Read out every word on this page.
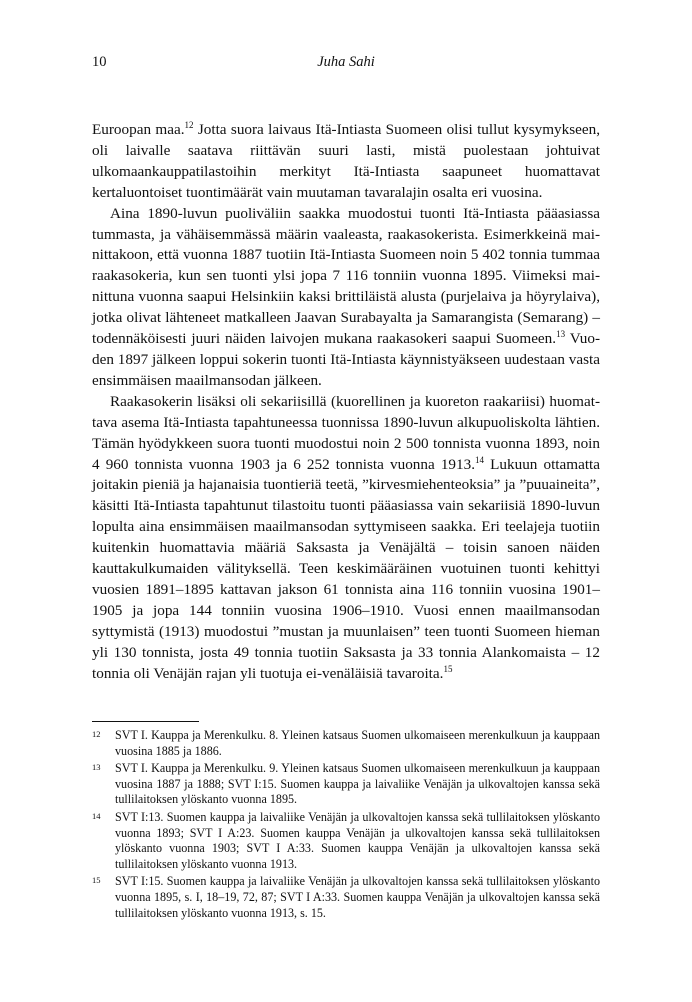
10	Juha Sahi

Euroopan maa.$^{12}$ Jotta suora laivaus Itä-Intiasta Suomeen olisi tullut kysymykseen, oli laivalle saatava riittävän suuri lasti, mistä puolestaan johtuivat ulkomaankauppatilastoihin merkityt Itä-Intiasta saapuneet huomattavat kertaluontoiset tuontimäärät vain muutaman tavaralajin osalta eri vuosina.

Aina 1890-luvun puoliväliin saakka muodostui tuonti Itä-Intiasta pääasiassa tummasta, ja vähäisemmässä määrin vaaleasta, raakasokerista. Esimerkkeinä mainittakoon, että vuonna 1887 tuotiin Itä-Intiasta Suomeen noin 5 402 tonnia tummaa raakasokeria, kun sen tuonti ylsi jopa 7 116 tonniin vuonna 1895. Viimeksi mainittuna vuonna saapui Helsinkiin kaksi brittiläistä alusta (purjelaiva ja höyrylaiva), jotka olivat lähteneet matkalleen Jaavan Surabayalta ja Samarangista (Semarang) – todennäköisesti juuri näiden laivojen mukana raakasokeri saapui Suomeen.$^{13}$ Vuoden 1897 jälkeen loppui sokerin tuonti Itä-Intiasta käynnistyäkseen uudestaan vasta ensimmäisen maailmansodan jälkeen.

Raakasokerin lisäksi oli sekariisillä (kuorellinen ja kuoreton raakariisi) huomattava asema Itä-Intiasta tapahtuneessa tuonnissa 1890-luvun alkupuoliskolta lähtien. Tämän hyödykkeen suora tuonti muodostui noin 2 500 tonnista vuonna 1893, noin 4 960 tonnista vuonna 1903 ja 6 252 tonnista vuonna 1913.14 Lukuun ottamatta joitakin pieniä ja hajanaisia tuontieriä teetä, ”kirvesmiehenteoksia” ja ”puuaineita”, käsitti Itä-Intiasta tapahtunut tilastoitu tuonti pääasiassa vain sekariisiä 1890-luvun lopulta aina ensimmäisen maailmansodan syttymiseen saakka. Eri teelajeja tuotiin kuitenkin huomattavia määriä Saksasta ja Venäjältä – toisin sanoen näiden kauttakulkumaiden välityksellä. Teen keskimääräinen vuotuinen tuonti kehittyi vuosien 1891–1895 kattavan jakson 61 tonnista aina 116 tonniin vuosina 1901–1905 ja jopa 144 tonniin vuosina 1906–1910. Vuosi ennen maailmansodan syttymistä (1913) muodostui ”mustan ja muunlaisen” teen tuonti Suomeen hieman yli 130 tonnista, josta 49 tonnia tuotiin Saksasta ja 33 tonnia Alankomaista – 12 tonnia oli Venäjän rajan yli tuotuja ei-venäläisiä tavaroita.$^{15}$

12 SVT I. Kauppa ja Merenkulku. 8. Yleinen katsaus Suomen ulkomaiseen merenkulkuun ja kauppaan vuosina 1885 ja 1886.
13 SVT I. Kauppa ja Merenkulku. 9. Yleinen katsaus Suomen ulkomaiseen merenkulkuun ja kauppaan vuosina 1887 ja 1888; SVT I:15. Suomen kauppa ja laivaliike Venäjän ja ulkovaltojen kanssa sekä tullilaitoksen ylöskanto vuonna 1895.
14 SVT I:13. Suomen kauppa ja laivaliike Venäjän ja ulkovaltojen kanssa sekä tullilaitoksen ylöskanto vuonna 1893; SVT I A:23. Suomen kauppa Venäjän ja ulkovaltojen kanssa sekä tullilaitoksen ylöskanto vuonna 1903; SVT I A:33. Suomen kauppa Venäjän ja ulkovaltojen kanssa sekä tullilaitoksen ylöskanto vuonna 1913.
15 SVT I:15. Suomen kauppa ja laivaliike Venäjän ja ulkovaltojen kanssa sekä tullilaitoksen ylöskanto vuonna 1895, s. I, 18–19, 72, 87; SVT I A:33. Suomen kauppa Venäjän ja ulkovaltojen kanssa sekä tullilaitoksen ylöskanto vuonna 1913, s. 15.
